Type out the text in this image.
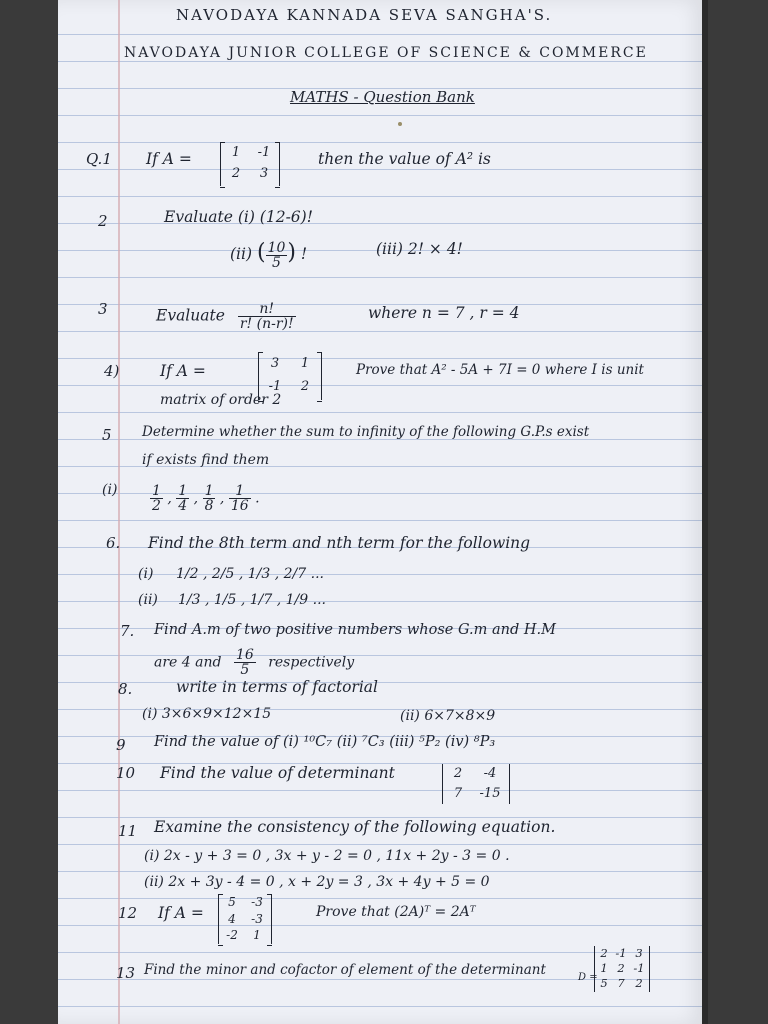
NAVODAYA KANNADA SEVA SANGHA'S.
NAVODAYA JUNIOR COLLEGE OF SCIENCE & COMMERCE
MATHS - Question Bank
Q.1 If A =	1	-1
2	3
then the value of A² is
2	Evaluate (i) (12-6)!
(ii) ( $\frac{10}{5}$ ) !	(iii) 2! × 4!
3	Evaluate $\frac{n!}{r! (n-r)!}$	where n = 7 , r = 4
4)	If A =	3	1
-1	2
Prove that A² - 5A + 7I = 0 where I is unit
matrix of order 2
5 Determine whether the sum to infinity of the following G.P.s exist
if exists find them
$(i) \frac{1}{2}$ , $\frac{1}{4}$ , $\frac{1}{8}$ , $\frac{1}{16}$ .
6. Find the 8th term and nth term for the following
(i) 1/2 , 2/5 , 1/3 , 2/7 ...
(ii) 1/3 , 1/5 , 1/7 , 1/9 ...
7. Find A.m of two positive numbers whose G.m and H.M
are 4 and $\frac{16}{5}$ respectively
8.	write in terms of factorial
(i) 3×6×9×12×15	(ii) 6×7×8×9
9 Find the value of (i) ¹⁰C₇ (ii) ⁷C₃ (iii) ⁵P₂ (iv) ⁸P₃
10 Find the value of determinant	2	-4
7	-15
11 Examine the consistency of the following equation.
(i) 2x - y + 3 = 0 , 3x + y - 2 = 0 , 11x + 2y - 3 = 0 .
(ii) 2x + 3y - 4 = 0 , x + 2y = 3 , 3x + 4y + 5 = 0
12 If A =
5 -3
4 -3
-2	1
Prove that (2A)ᵀ = 2Aᵀ
13 Find the minor and cofactor of element of the determinant	D =
2 -1 3
1 2 -1
5 7 2
